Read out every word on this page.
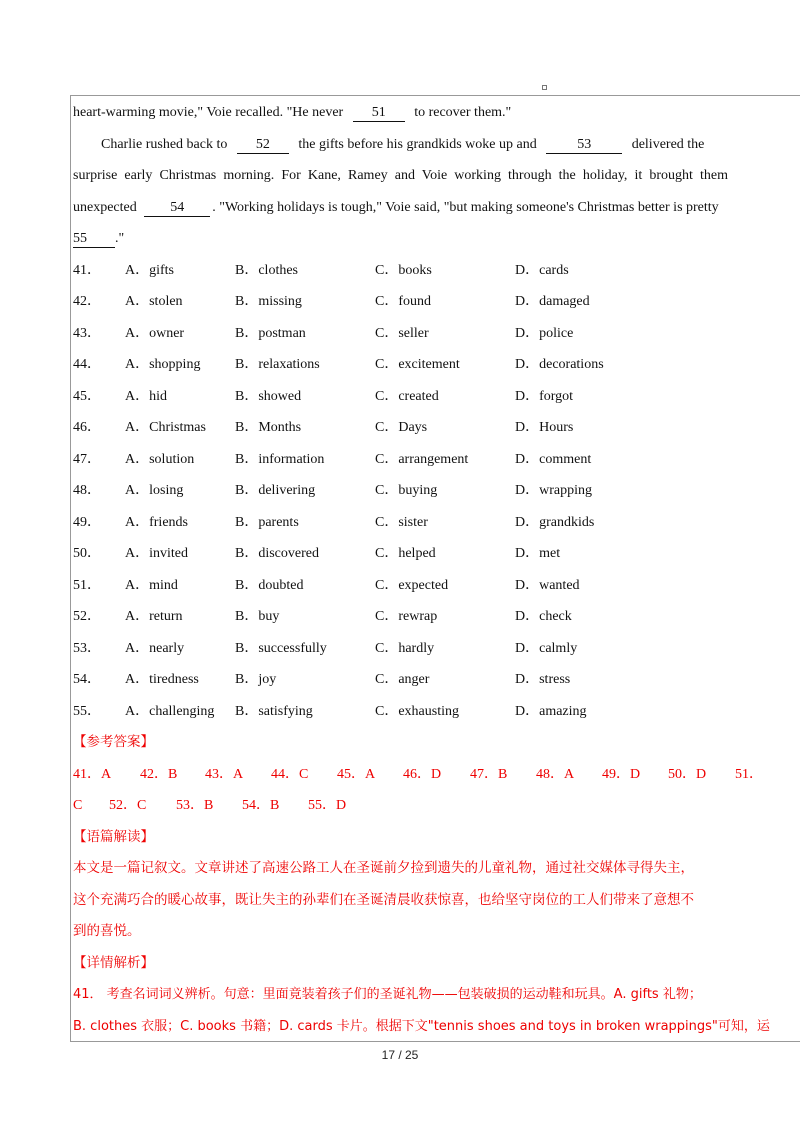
heart-warming movie," Voie recalled. "He never 51 to recover them."
Charlie rushed back to 52 the gifts before his grandkids woke up and	53	delivered the
surprise early Christmas morning. For Kane, Ramey and Voie working through the holiday, it brought them
unexpected 54 . "Working holidays is tough," Voie said, "but making someone's Christmas better is pretty
55 ."
41． A．gifts	B．clothes	C．books	D．cards
42． A．stolen	B．missing	C．found	D．damaged
43． A．owner	B．postman	C．seller	D．police
44． A．shopping B．relaxations	C．excitement	D．decorations
45． A．hid	B．showed	C．created	D．forgot
46． A．Christmas B．Months	C．Days	D．Hours
47． A．solution	B．information	C．arrangement	D．comment
48． A．losing	B．delivering	C．buying	D．wrapping
49． A．friends	B．parents	C．sister	D．grandkids
50． A．invited	B．discovered	C．helped	D．met
51． A．mind	B．doubted	C．expected	D．wanted
52． A．return	B．buy	C．rewrap	D．check
53． A．nearly	B．successfully	C．hardly	D．calmly
54． A．tiredness	B．joy	C．anger	D．stress
55． A．challenging B．satisfying	C．exhausting	D．amazing
【参考答案】
41．A 42．B 43．A 44．C 45．A 46．D 47．B 48．A 49．D 50．D 51．
C 52．C 53．B 54．B 55．D
【语篇解读】
本文是一篇记叙文。文章讲述了高速公路工人在圣诞前夕捡到遗失的儿童礼物，通过社交媒体寻得失主，
这个充满巧合的暖心故事，既让失主的孙辈们在圣诞清晨收获惊喜，也给坚守岗位的工人们带来了意想不
到的喜悦。
【详情解析】
41． 考查名词词义辨析。句意：里面竟装着孩子们的圣诞礼物——包装破损的运动鞋和玩具。A. gifts 礼物；
B. clothes 衣服；C. books 书籍；D. cards 卡片。根据下文"tennis shoes and toys in broken wrappings"可知，运
17 / 25
